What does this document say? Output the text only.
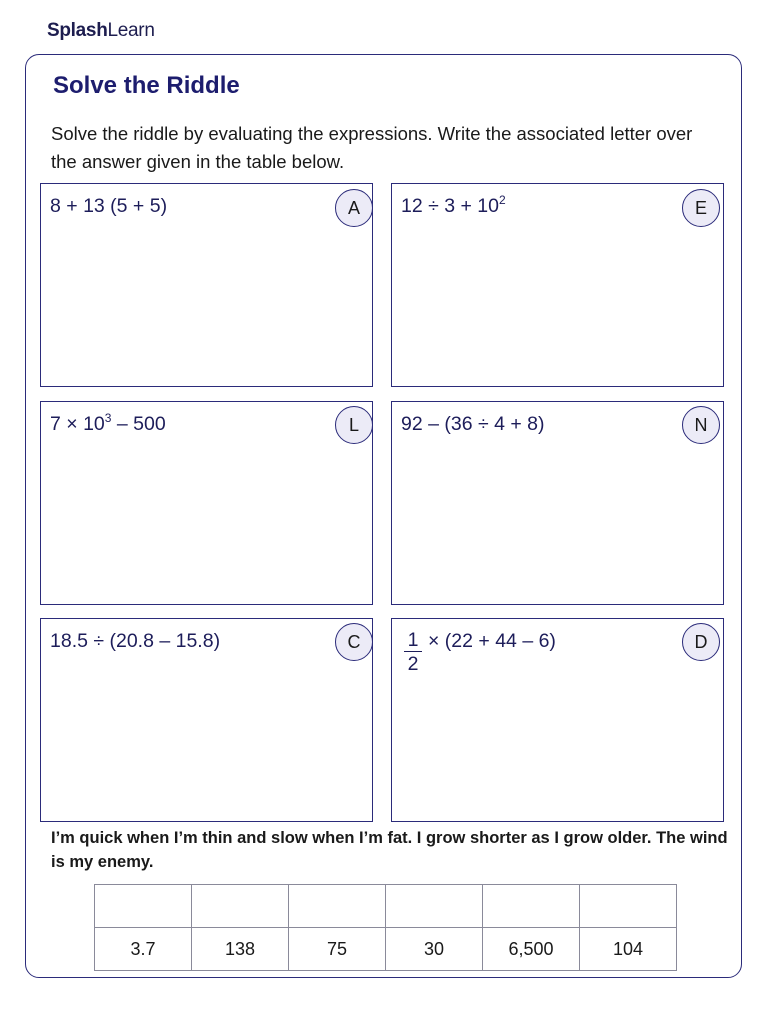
SplashLearn
Solve the Riddle
Solve the riddle by evaluating the expressions. Write the associated letter over the answer given in the table below.
8 + 13 (5 + 5)	A	$12 \div 3 + 10^2$	E
$7 \times 10^3 - 500$	L	92 – (36 ÷ 4 + 8)	N
18.5 ÷ (20.8 – 15.8)	C	$\frac{1}{2} \times (22 + 44 - 6)$	D
I’m quick when I’m thin and slow when I’m fat. I grow shorter as I grow older. The wind is my enemy.

3.7	138	75	30	6,500	104
